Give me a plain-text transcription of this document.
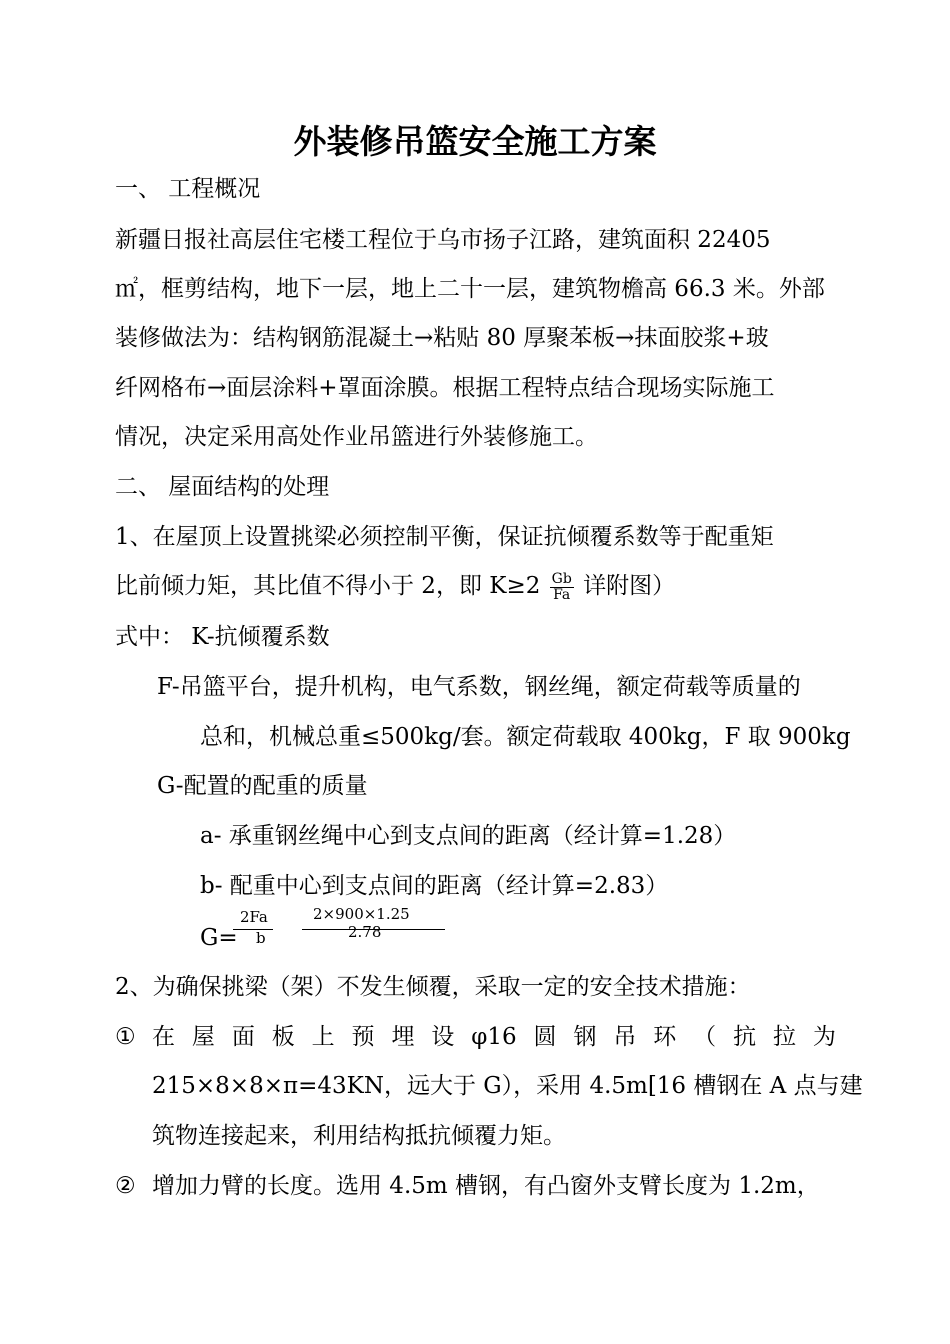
外装修吊篮安全施工方案
一、 工程概况
新疆日报社高层住宅楼工程位于乌市扬子江路，建筑面积 22405
㎡，框剪结构，地下一层，地上二十一层，建筑物檐高 66.3 米。外部
装修做法为：结构钢筋混凝土→粘贴 80 厚聚苯板→抹面胶浆+玻
纤网格布→面层涂料+罩面涂膜。根据工程特点结合现场实际施工
情况，决定采用高处作业吊篮进行外装修施工。
二、 屋面结构的处理
1、在屋顶上设置挑梁必须控制平衡，保证抗倾覆系数等于配重矩
比前倾力矩，其比值不得小于 2，即 $K\ge 2 \frac{Gb}{Fa}$ 详附图）
式中： K-抗倾覆系数
F-吊篮平台，提升机构，电气系数，钢丝绳，额定荷载等质量的
总和，机械总重≤500kg/套。额定荷载取 400kg，F 取 900kg
G-配置的配重的质量
a- 承重钢丝绳中心到支点间的距离（经计算=1.28）
b- 配重中心到支点间的距离（经计算=2.83）
G=
2Fa
b
2×900×1.25
2.78
2、为确保挑梁（架）不发生倾覆，采取一定的安全技术措施：
① 在 屋 面 板 上 预 埋 设 φ16 圆 钢 吊 环 （ 抗 拉 为
215×8×8×π=43KN，远大于 G），采用 4.5m[16 槽钢在 A 点与建
筑物连接起来，利用结构抵抗倾覆力矩。
② 增加力臂的长度。选用 4.5m 槽钢，有凸窗外支臂长度为 1.2m，
